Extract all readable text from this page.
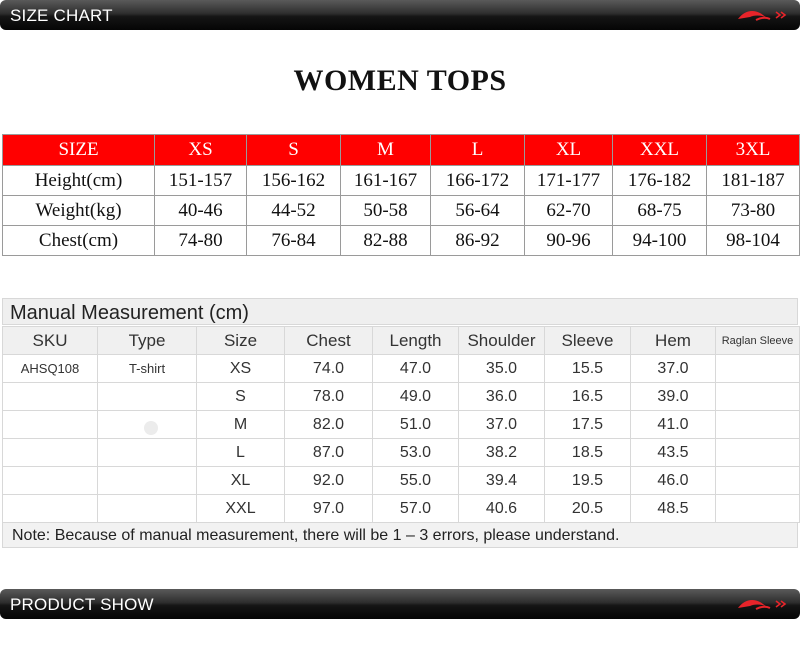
SIZE CHART
WOMEN TOPS
SIZE	XS	S	M	L	XL	XXL	3XL
Height(cm)	151-157	156-162	161-167	166-172	171-177	176-182	181-187
Weight(kg)	40-46	44-52	50-58	56-64	62-70	68-75	73-80
Chest(cm)	74-80	76-84	82-88	86-92	90-96	94-100	98-104
Manual Measurement (cm)
SKU	Type	Size	Chest	Length	Shoulder	Sleeve	Hem	Raglan Sleeve
AHSQ108	T-shirt	XS	74.0	47.0	35.0	15.5	37.0	
		S	78.0	49.0	36.0	16.5	39.0	
		M	82.0	51.0	37.0	17.5	41.0	
		L	87.0	53.0	38.2	18.5	43.5	
		XL	92.0	55.0	39.4	19.5	46.0	
		XXL	97.0	57.0	40.6	20.5	48.5	
Note: Because of manual measurement, there will be 1 – 3 errors, please understand.
PRODUCT SHOW
